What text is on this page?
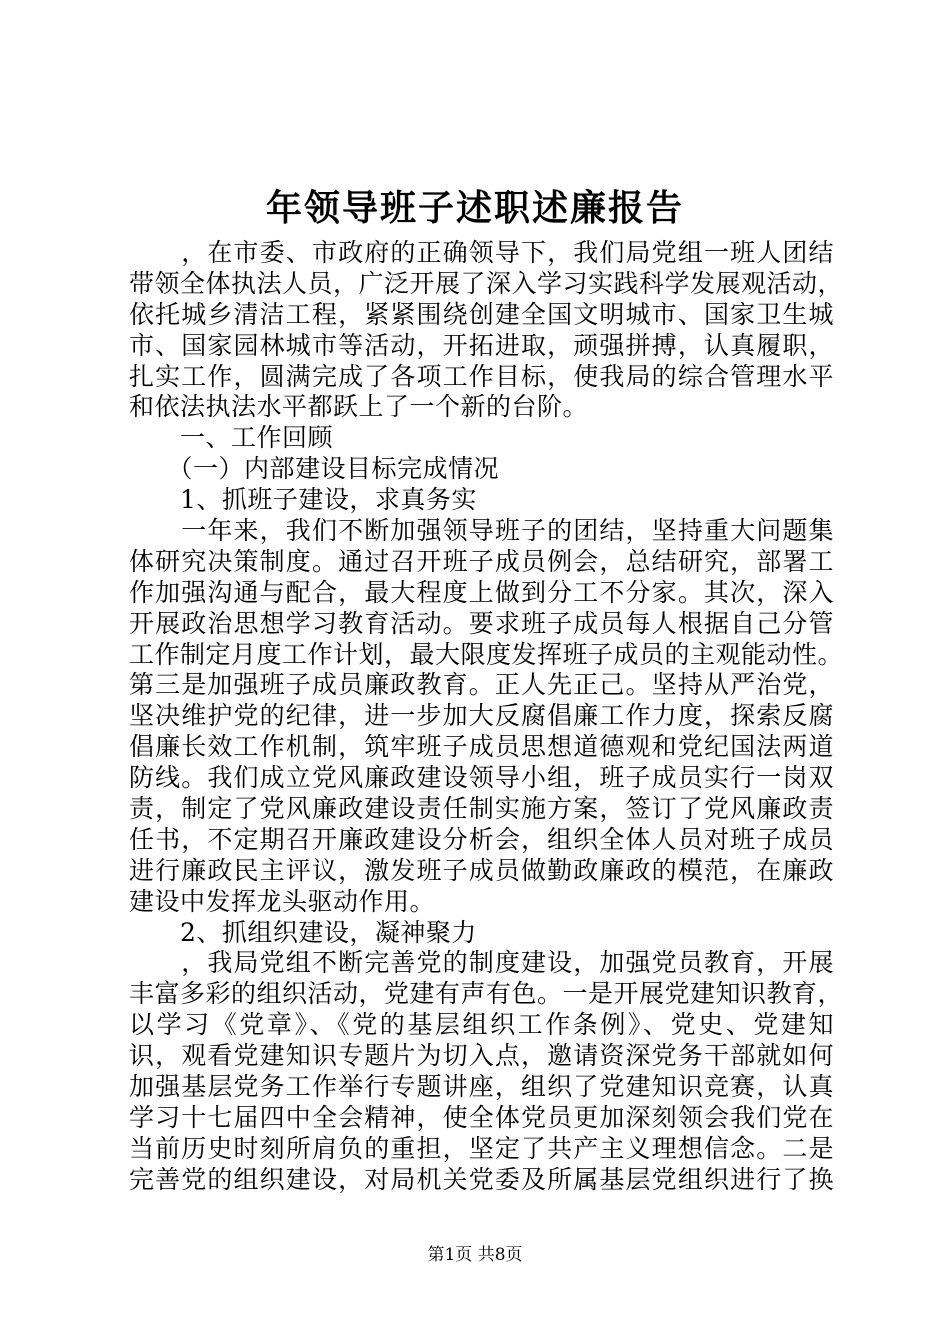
年领导班子述职述廉报告
　　，在市委、市政府的正确领导下，我们局党组一班人团结
带领全体执法人员，广泛开展了深入学习实践科学发展观活动，
依托城乡清洁工程，紧紧围绕创建全国文明城市、国家卫生城
市、国家园林城市等活动，开拓进取，顽强拼搏，认真履职，
扎实工作，圆满完成了各项工作目标，使我局的综合管理水平
和依法执法水平都跃上了一个新的台阶。
　　一、工作回顾
　　（一）内部建设目标完成情况
　　1、抓班子建设，求真务实
　　一年来，我们不断加强领导班子的团结，坚持重大问题集
体研究决策制度。通过召开班子成员例会，总结研究，部署工
作加强沟通与配合，最大程度上做到分工不分家。其次，深入
开展政治思想学习教育活动。要求班子成员每人根据自己分管
工作制定月度工作计划，最大限度发挥班子成员的主观能动性。
第三是加强班子成员廉政教育。正人先正己。坚持从严治党，
坚决维护党的纪律，进一步加大反腐倡廉工作力度，探索反腐
倡廉长效工作机制，筑牢班子成员思想道德观和党纪国法两道
防线。我们成立党风廉政建设领导小组，班子成员实行一岗双
责，制定了党风廉政建设责任制实施方案，签订了党风廉政责
任书，不定期召开廉政建设分析会，组织全体人员对班子成员
进行廉政民主评议，激发班子成员做勤政廉政的模范，在廉政
建设中发挥龙头驱动作用。
　　2、抓组织建设，凝神聚力
　　，我局党组不断完善党的制度建设，加强党员教育，开展
丰富多彩的组织活动，党建有声有色。一是开展党建知识教育，
以学习《党章》、《党的基层组织工作条例》、党史、党建知
识，观看党建知识专题片为切入点，邀请资深党务干部就如何
加强基层党务工作举行专题讲座，组织了党建知识竞赛，认真
学习十七届四中全会精神，使全体党员更加深刻领会我们党在
当前历史时刻所肩负的重担，坚定了共产主义理想信念。二是
完善党的组织建设，对局机关党委及所属基层党组织进行了换
第1页 共8页
